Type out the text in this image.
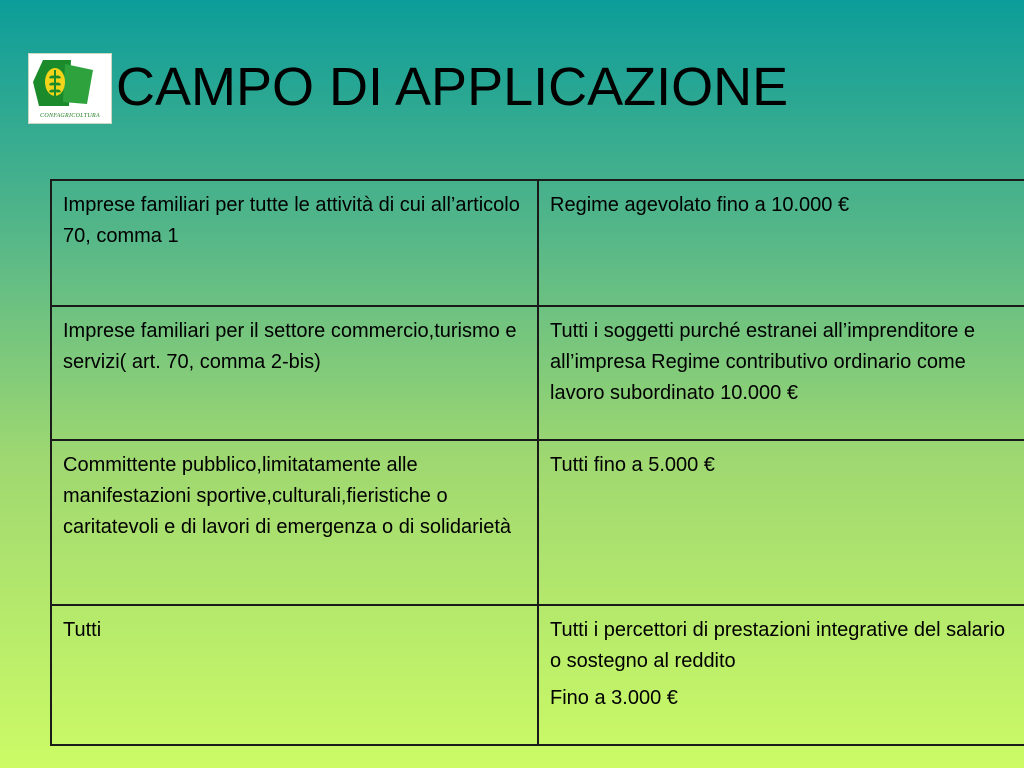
CONFAGRICOLTURA CAMPO DI APPLICAZIONE

Imprese familiari per tutte le attività di cui all’articolo 70, comma 1	Regime agevolato fino a 10.000 €

Imprese familiari per il settore commercio,turismo e servizi( art. 70, comma 2-bis)	Tutti i soggetti purché estranei all’imprenditore e all’impresa Regime contributivo ordinario come lavoro subordinato 10.000 €

Committente pubblico,limitatamente alle manifestazioni sportive,culturali,fieristiche o caritatevoli e di lavori di emergenza o di solidarietà	Tutti fino a 5.000 €

Tutti	Tutti i percettori di prestazioni integrative del salario o sostegno al reddito

Fino a 3.000 €
